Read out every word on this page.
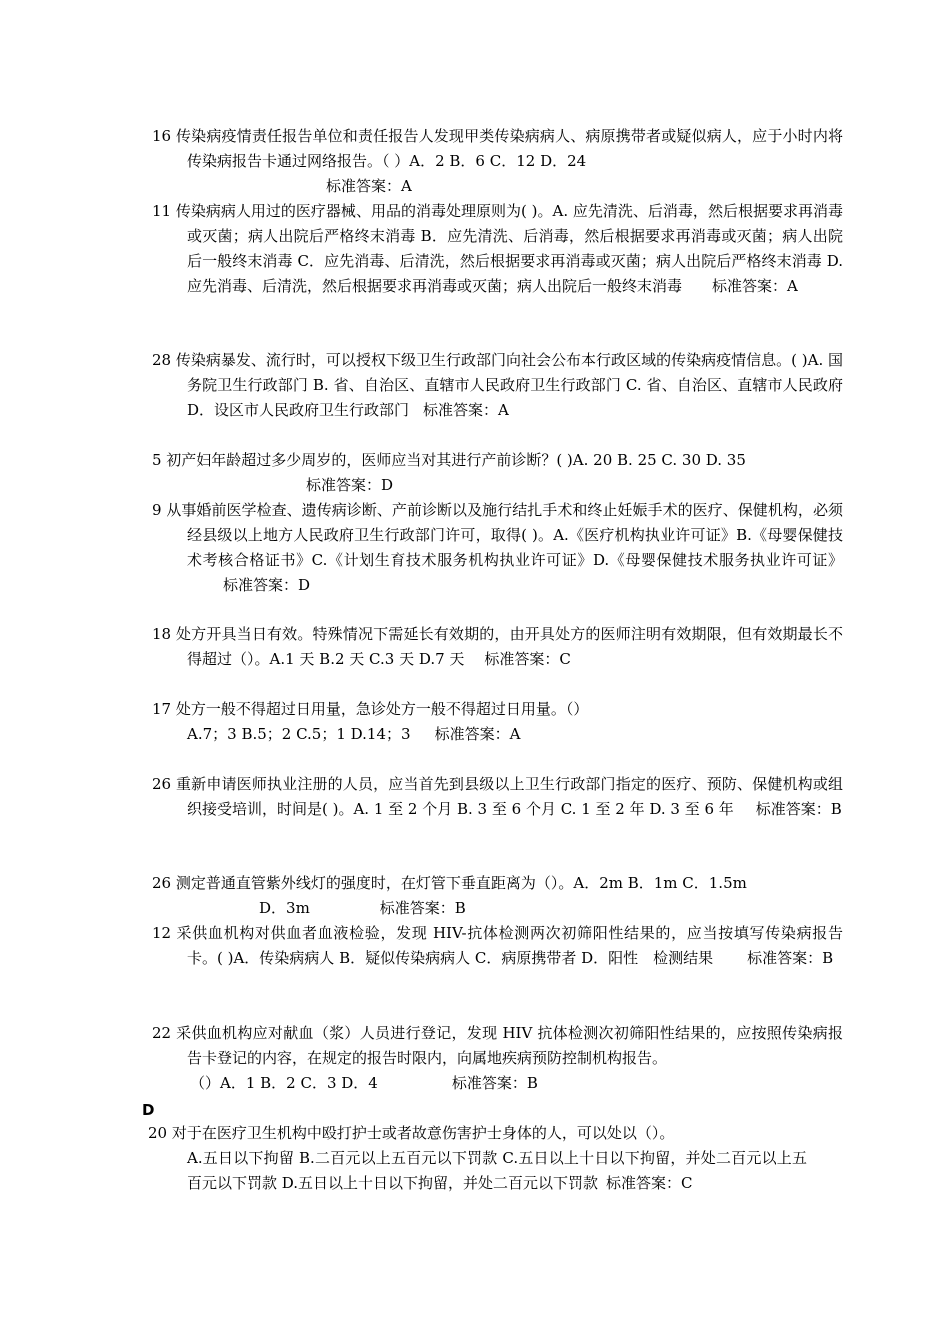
16 传染病疫情责任报告单位和责任报告人发现甲类传染病病人、病原携带者或疑似病人，应于小时内将传染病报告卡通过网络报告。（ ）A．2 B．6 C．12 D．24
标准答案：A
11 传染病病人用过的医疗器械、用品的消毒处理原则为( )。A. 应先清洗、后消毒，然后根据要求再消毒或灭菌；病人出院后严格终末消毒 B．应先清洗、后消毒，然后根据要求再消毒或灭菌；病人出院后一般终末消毒 C．应先消毒、后清洗，然后根据要求再消毒或灭菌；病人出院后严格终末消毒 D. 应先消毒、后清洗，然后根据要求再消毒或灭菌；病人出院后一般终末消毒 标准答案：A
28 传染病暴发、流行时，可以授权下级卫生行政部门向社会公布本行政区域的传染病疫情信息。( )A. 国务院卫生行政部门 B. 省、自治区、直辖市人民政府卫生行政部门 C. 省、自治区、直辖市人民政府 D．设区市人民政府卫生行政部门 标准答案：A
5 初产妇年龄超过多少周岁的，医师应当对其进行产前诊断？( )A. 20 B. 25 C. 30 D. 35
标准答案：D
9 从事婚前医学检查、遗传病诊断、产前诊断以及施行结扎手术和终止妊娠手术的医疗、保健机构，必须经县级以上地方人民政府卫生行政部门许可，取得( )。A.《医疗机构执业许可证》B.《母婴保健技术考核合格证书》C.《计划生育技术服务机构执业许可证》D.《母婴保健技术服务执业许可证》标准答案：D
18 处方开具当日有效。特殊情况下需延长有效期的，由开具处方的医师注明有效期限，但有效期最长不得超过（）。A.1 天 B.2 天 C.3 天 D.7 天 标准答案：C
17 处方一般不得超过日用量，急诊处方一般不得超过日用量。（）
A.7；3 B.5；2 C.5；1 D.14；3 标准答案：A
26 重新申请医师执业注册的人员，应当首先到县级以上卫生行政部门指定的医疗、预防、保健机构或组织接受培训，时间是( )。A. 1 至 2 个月 B. 3 至 6 个月 C. 1 至 2 年 D. 3 至 6 年 标准答案：B
26 测定普通直管紫外线灯的强度时，在灯管下垂直距离为（）。A．2m B．1m C．1.5m
D．3m	标准答案：B
12 采供血机构对供血者血液检验，发现 HIV-抗体检测两次初筛阳性结果的，应当按填写传染病报告卡。( )A．传染病病人 B．疑似传染病病人 C．病原携带者 D．阳性　检测结果 标准答案：B
22 采供血机构应对献血（浆）人员进行登记，发现 HIV 抗体检测次初筛阳性结果的，应按照传染病报告卡登记的内容，在规定的报告时限内，向属地疾病预防控制机构报告。
（）A．1 B．2 C．3 D．4	标准答案：B
D
20 对于在医疗卫生机构中殴打护士或者故意伤害护士身体的人，可以处以（）。
A.五日以下拘留 B.二百元以上五百元以下罚款 C.五日以上十日以下拘留，并处二百元以上五百元以下罚款 D.五日以上十日以下拘留，并处二百元以下罚款 标准答案：C
